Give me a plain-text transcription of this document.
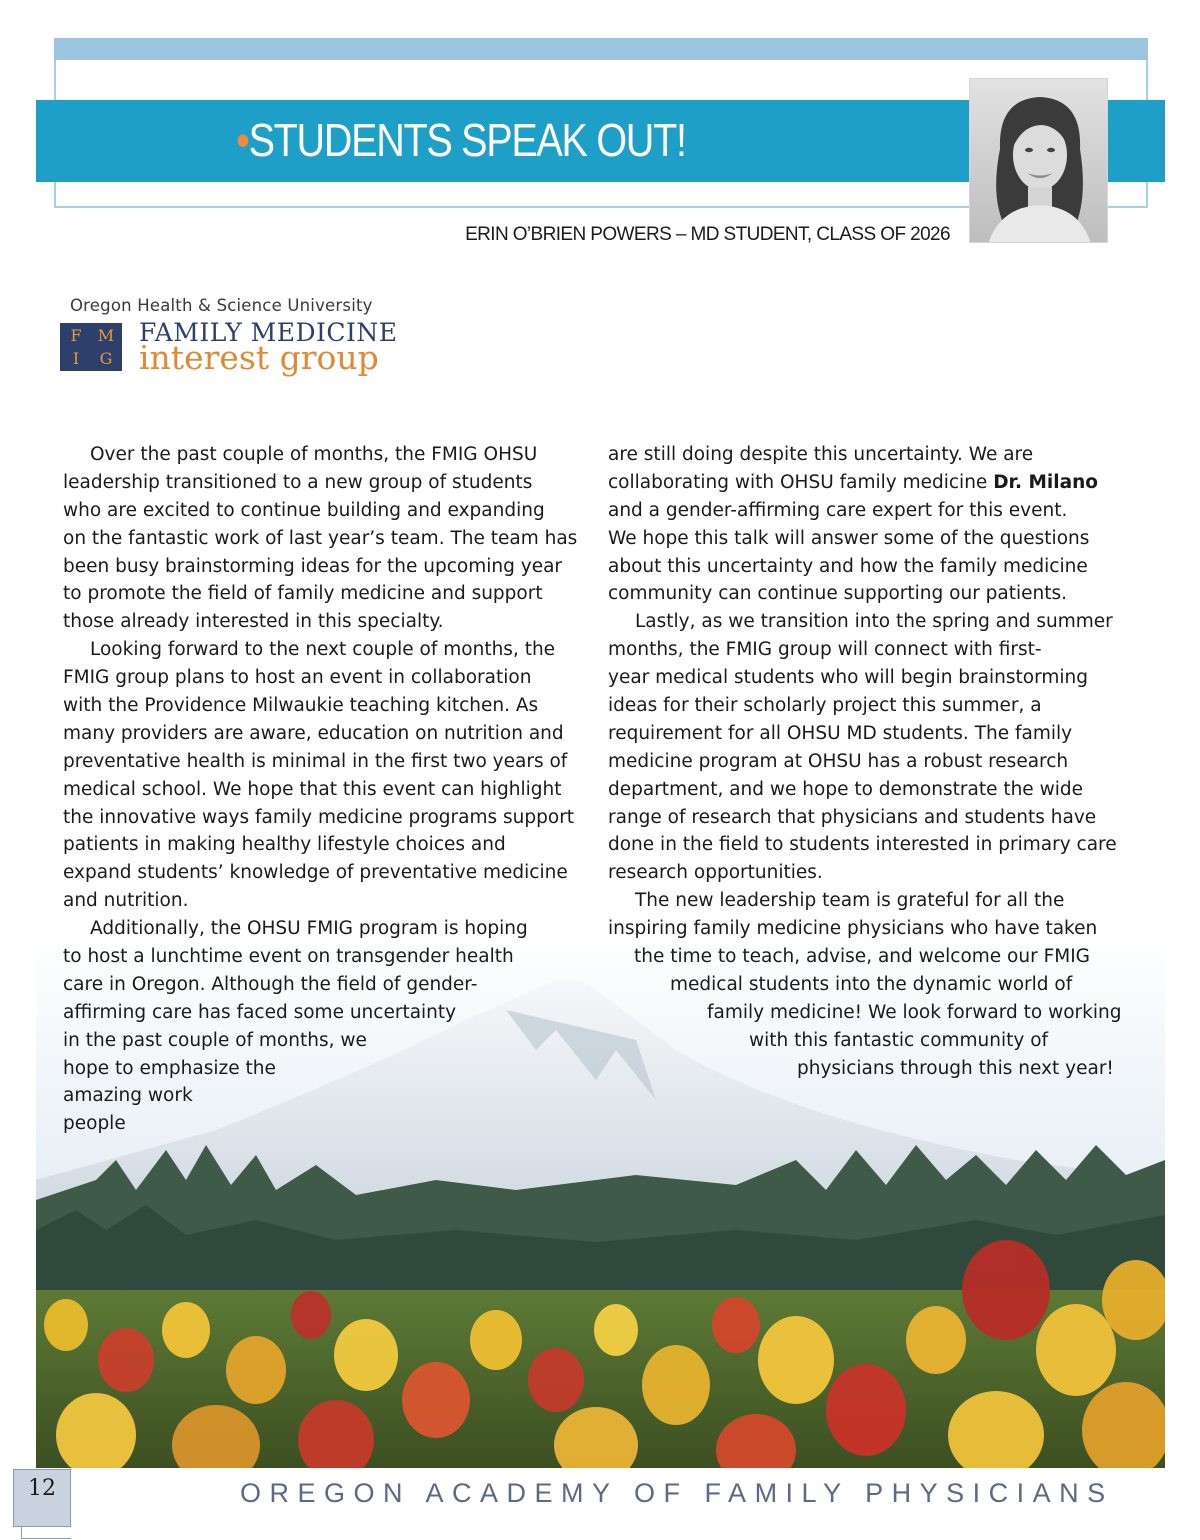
•STUDENTS SPEAK OUT!
ERIN O’BRIEN POWERS – MD STUDENT, CLASS OF 2026
Oregon Health & Science University
F	M
I	G
FAMILY MEDICINE
interest group
Over the past couple of months, the FMIG OHSU
leadership transitioned to a new group of students
who are excited to continue building and expanding
on the fantastic work of last year’s team. The team has
been busy brainstorming ideas for the upcoming year
to promote the field of family medicine and support
those already interested in this specialty.
Looking forward to the next couple of months, the
FMIG group plans to host an event in collaboration
with the Providence Milwaukie teaching kitchen. As
many providers are aware, education on nutrition and
preventative health is minimal in the first two years of
medical school. We hope that this event can highlight
the innovative ways family medicine programs support
patients in making healthy lifestyle choices and
expand students’ knowledge of preventative medicine
and nutrition.
Additionally, the OHSU FMIG program is hoping
to host a lunchtime event on transgender health
care in Oregon. Although the field of gender-
affirming care has faced some uncertainty
in the past couple of months, we
hope to emphasize the
amazing work
people
are still doing despite this uncertainty. We are
collaborating with OHSU family medicine Dr. Milano
and a gender-affirming care expert for this event.
We hope this talk will answer some of the questions
about this uncertainty and how the family medicine
community can continue supporting our patients.
Lastly, as we transition into the spring and summer
months, the FMIG group will connect with first-
year medical students who will begin brainstorming
ideas for their scholarly project this summer, a
requirement for all OHSU MD students. The family
medicine program at OHSU has a robust research
department, and we hope to demonstrate the wide
range of research that physicians and students have
done in the field to students interested in primary care
research opportunities.
The new leadership team is grateful for all the
inspiring family medicine physicians who have taken
the time to teach, advise, and welcome our FMIG
medical students into the dynamic world of
family medicine! We look forward to working
with this fantastic community of
physicians through this next year!
12	OREGON ACADEMY OF FAMILY PHYSICIANS
